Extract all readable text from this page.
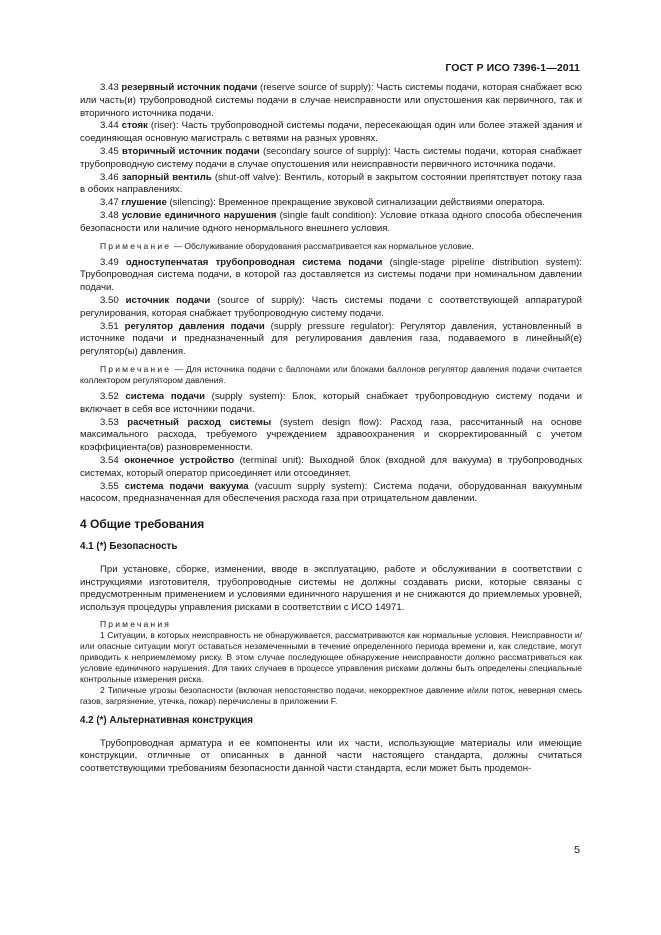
ГОСТ Р ИСО 7396-1—2011

3.43 резервный источник подачи (reserve source of supply): Часть системы подачи, которая снабжает всю или часть(и) трубопроводной системы подачи в случае неисправности или опустошения как первичного, так и вторичного источника подачи.

3.44 стояк (riser): Часть трубопроводной системы подачи, пересекающая один или более этажей здания и соединяющая основную магистраль с ветвями на разных уровнях.

3.45 вторичный источник подачи (secondary source of supply): Часть системы подачи, которая снабжает трубопроводную систему подачи в случае опустошения или неисправности первичного источника подачи.

3.46 запорный вентиль (shut-off valve): Вентиль, который в закрытом состоянии препятствует потоку газа в обоих направлениях.

3.47 глушение (silencing): Временное прекращение звуковой сигнализации действиями оператора.

3.48 условие единичного нарушения (single fault condition): Условие отказа одного способа обеспечения безопасности или наличие одного ненормального внешнего условия.

Примечание — Обслуживание оборудования рассматривается как нормальное условие.

3.49 одноступенчатая трубопроводная система подачи (single-stage pipeline distribution system): Трубопроводная система подачи, в которой газ доставляется из системы подачи при номинальном давлении подачи.

3.50 источник подачи (source of supply): Часть системы подачи с соответствующей аппаратурой регулирования, которая снабжает трубопроводную систему подачи.

3.51 регулятор давления подачи (supply pressure regulator): Регулятор давления, установленный в источнике подачи и предназначенный для регулирования давления газа, подаваемого в линейный(е) регулятор(ы) давления.

Примечание — Для источника подачи с баллонами или блоками баллонов регулятор давления подачи считается коллектором регулятором давления.

3.52 система подачи (supply system): Блок, который снабжает трубопроводную систему подачи и включает в себя все источники подачи.

3.53 расчетный расход системы (system design flow): Расход газа, рассчитанный на основе максимального расхода, требуемого учреждением здравоохранения и скорректированный с учетом коэффициента(ов) разновременности.

3.54 оконечное устройство (terminal unit): Выходной блок (входной для вакуума) в трубопроводных системах, который оператор присоединяет или отсоединяет.

3.55 система подачи вакуума (vacuum supply system): Система подачи, оборудованная вакуумным насосом, предназначенная для обеспечения расхода газа при отрицательном давлении.

4 Общие требования
4.1 (*) Безопасность

При установке, сборке, изменении, вводе в эксплуатацию, работе и обслуживании в соответствии с инструкциями изготовителя, трубопроводные системы не должны создавать риски, которые связаны с предусмотренным применением и условиями единичного нарушения и не снижаются до приемлемых уровней, используя процедуры управления рисками в соответствии с ИСО 14971.

Примечания
1 Ситуации, в которых неисправность не обнаруживается, рассматриваются как нормальные условия. Неисправности и/или опасные ситуации могут оставаться незамеченными в течение определенного периода времени и, как следствие, могут приводить к неприемлемому риску. В этом случае последующее обнаружение неисправности должно рассматриваться как условие единичного нарушения. Для таких случаев в процессе управления рисками должны быть определены специальные контрольные измерения риска.
2 Типичные угрозы безопасности (включая непостоянство подачи, некорректное давление и/или поток, неверная смесь газов, загрязнение, утечка, пожар) перечислены в приложении F.
4.2 (*) Альтернативная конструкция

Трубопроводная арматура и ее компоненты или их части, использующие материалы или имеющие конструкции, отличные от описанных в данной части настоящего стандарта, должны считаться соответствующими требованиям безопасности данной части стандарта, если может быть продемон-

5
